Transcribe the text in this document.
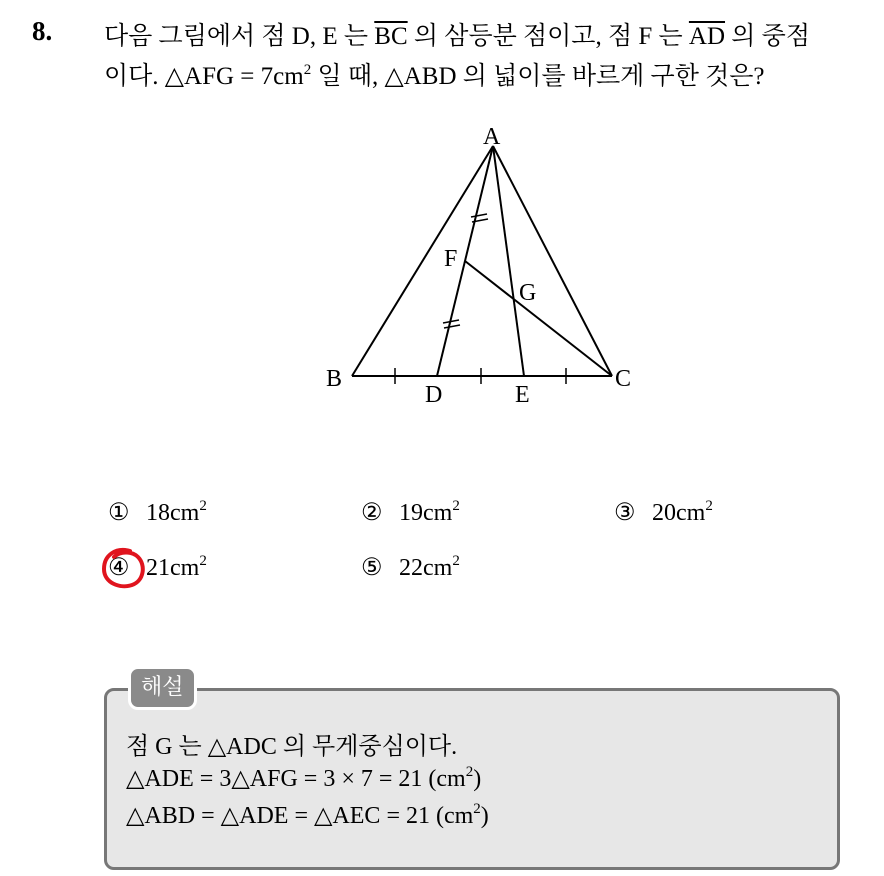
8. 다음 그림에서 점 D, E 는 $\overline{BC}$ 의 삼등분 점이고, 점 F 는 $\overline{AD}$ 의 중점
이다. △AFG = $7cm^2$ 일 때, △ABD 의 넓이를 바르게 구한 것은?
A
B	C
D	E
F
G
① $18cm^2$	② $19cm^2$	③ $20cm^2$
④ $21cm^2$	⑤ $22cm^2$
해설
점 G 는 △ADC 의 무게중심이다.
△ADE = 3△AFG = 3 × 7 = 21 $(cm^2)$
△ABD = △ADE = △AEC = 21 $(cm^2)$
